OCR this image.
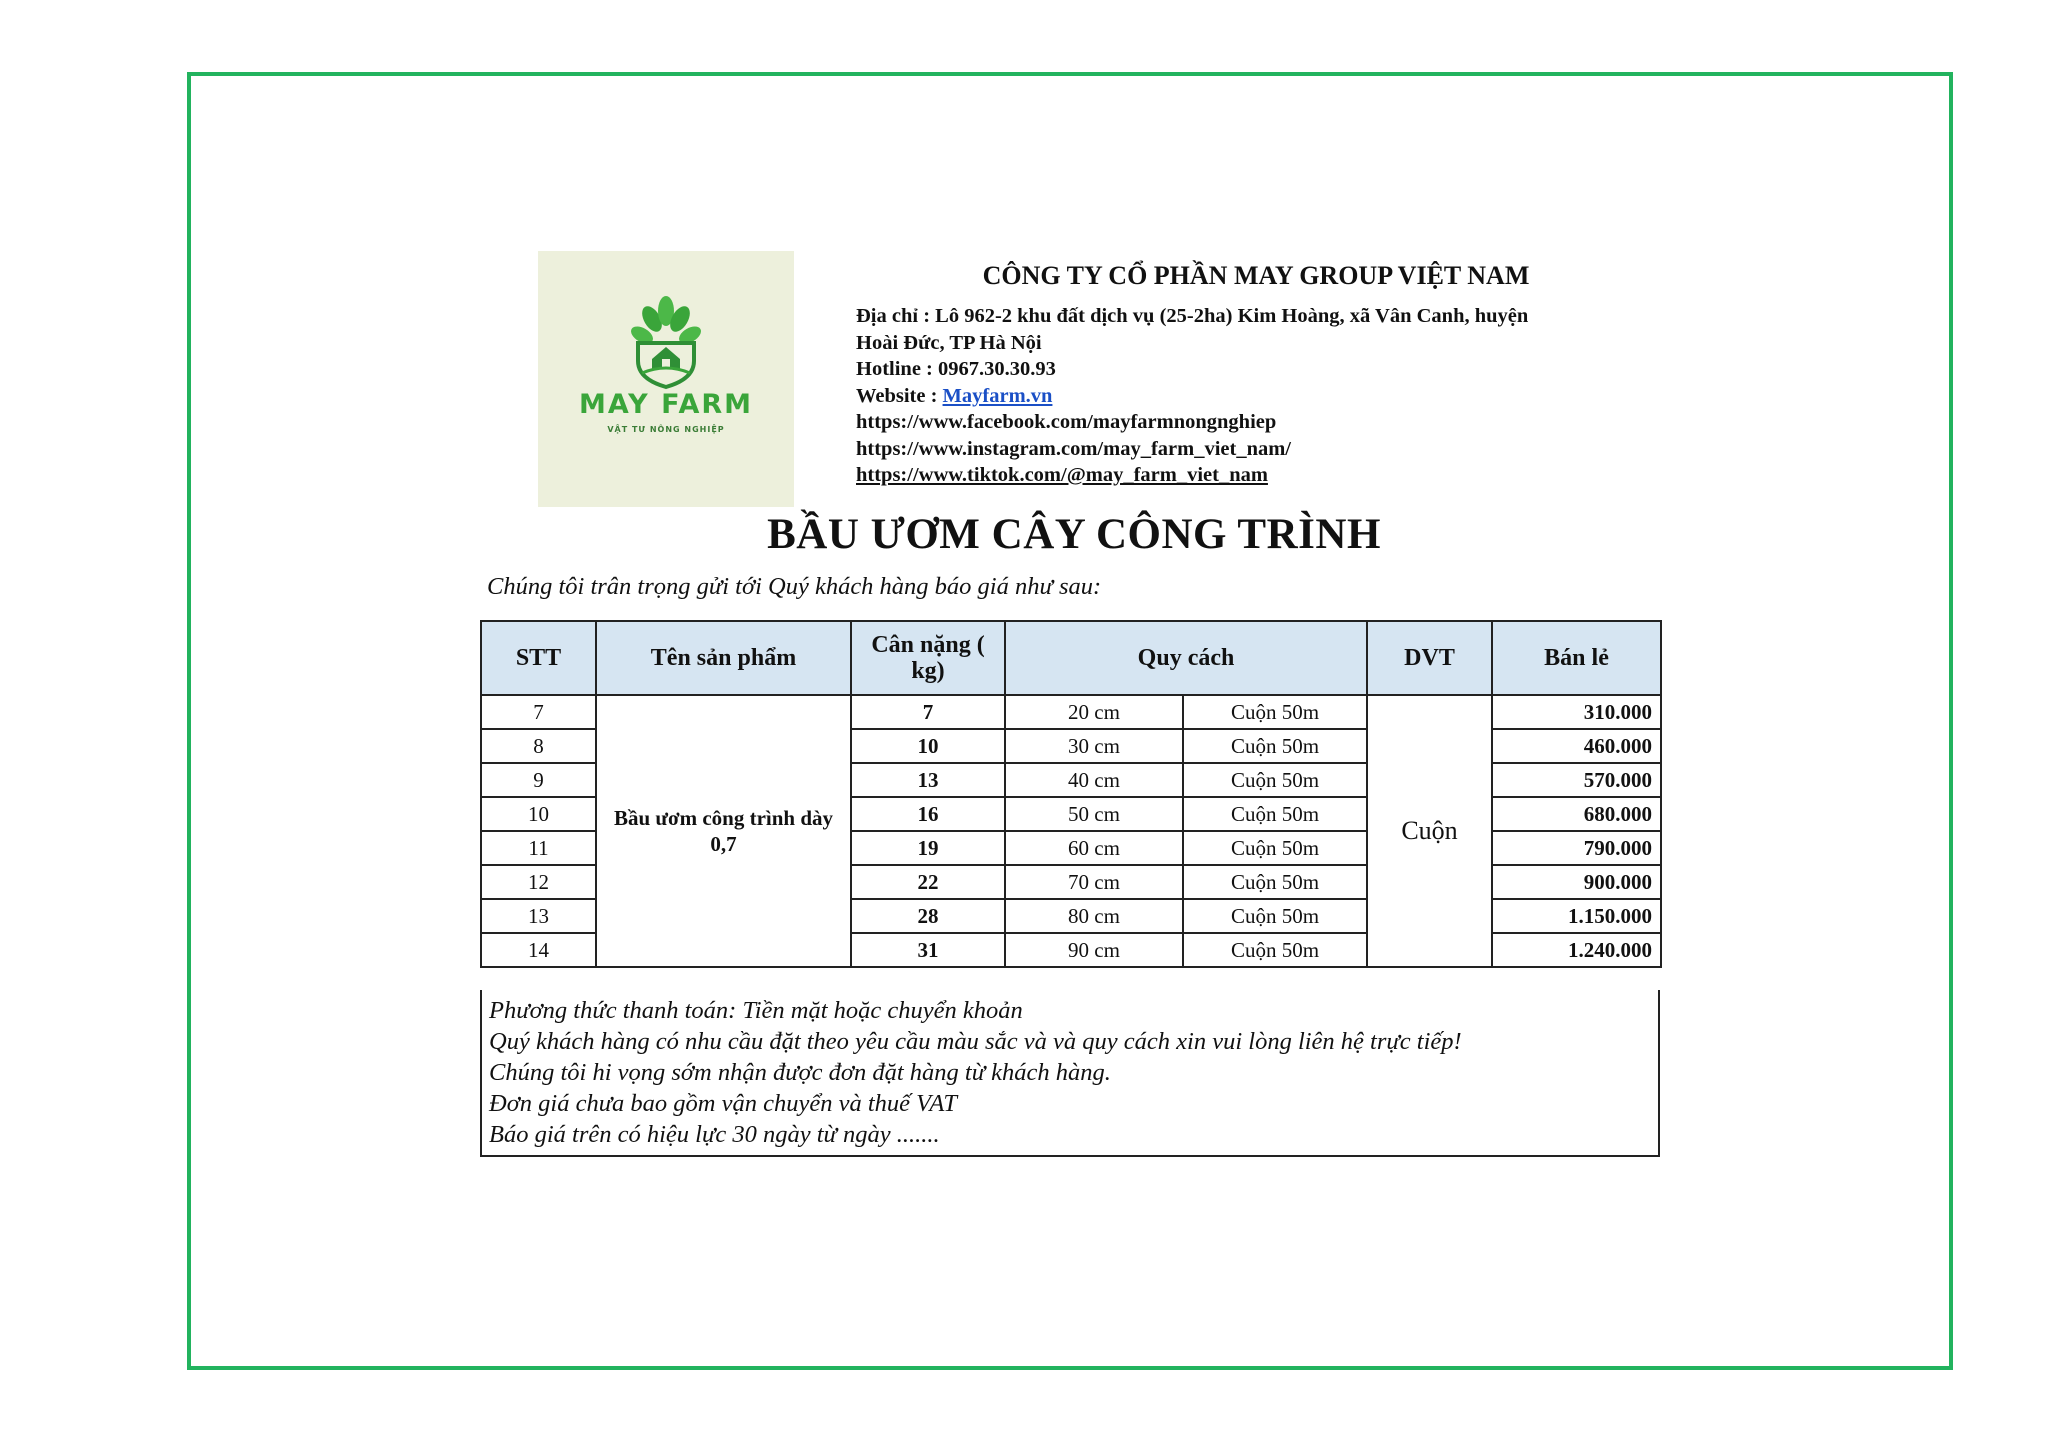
MAY FARM
VẬT TƯ NÔNG NGHIỆP
CÔNG TY CỔ PHẦN MAY GROUP VIỆT NAM
Địa chỉ : Lô 962-2 khu đất dịch vụ (25-2ha) Kim Hoàng, xã Vân Canh, huyện
Hoài Đức, TP Hà Nội
Hotline : 0967.30.30.93
Website : Mayfarm.vn
https://www.facebook.com/mayfarmnongnghiep
https://www.instagram.com/may_farm_viet_nam/
https://www.tiktok.com/@may_farm_viet_nam
BẦU ƯƠM CÂY CÔNG TRÌNH
Chúng tôi trân trọng gửi tới Quý khách hàng báo giá như sau:
STT	Tên sản phẩm	Cân nặng ( kg)	Quy cách		DVT	Bán lẻ
7	Bầu ươm công trình dày 0,7	7	20 cm	Cuộn 50m	Cuộn	310.000
8		10	30 cm	Cuộn 50m		460.000
9		13	40 cm	Cuộn 50m		570.000
10		16	50 cm	Cuộn 50m		680.000
11		19	60 cm	Cuộn 50m		790.000
12		22	70 cm	Cuộn 50m		900.000
13		28	80 cm	Cuộn 50m		1.150.000
14		31	90 cm	Cuộn 50m		1.240.000
Phương thức thanh toán: Tiền mặt hoặc chuyển khoản
Quý khách hàng có nhu cầu đặt theo yêu cầu màu sắc và và quy cách xin vui lòng liên hệ trực tiếp!
Chúng tôi hi vọng sớm nhận được đơn đặt hàng từ khách hàng.
Đơn giá chưa bao gồm vận chuyển và thuế VAT
Báo giá trên có hiệu lực 30 ngày từ ngày .......
